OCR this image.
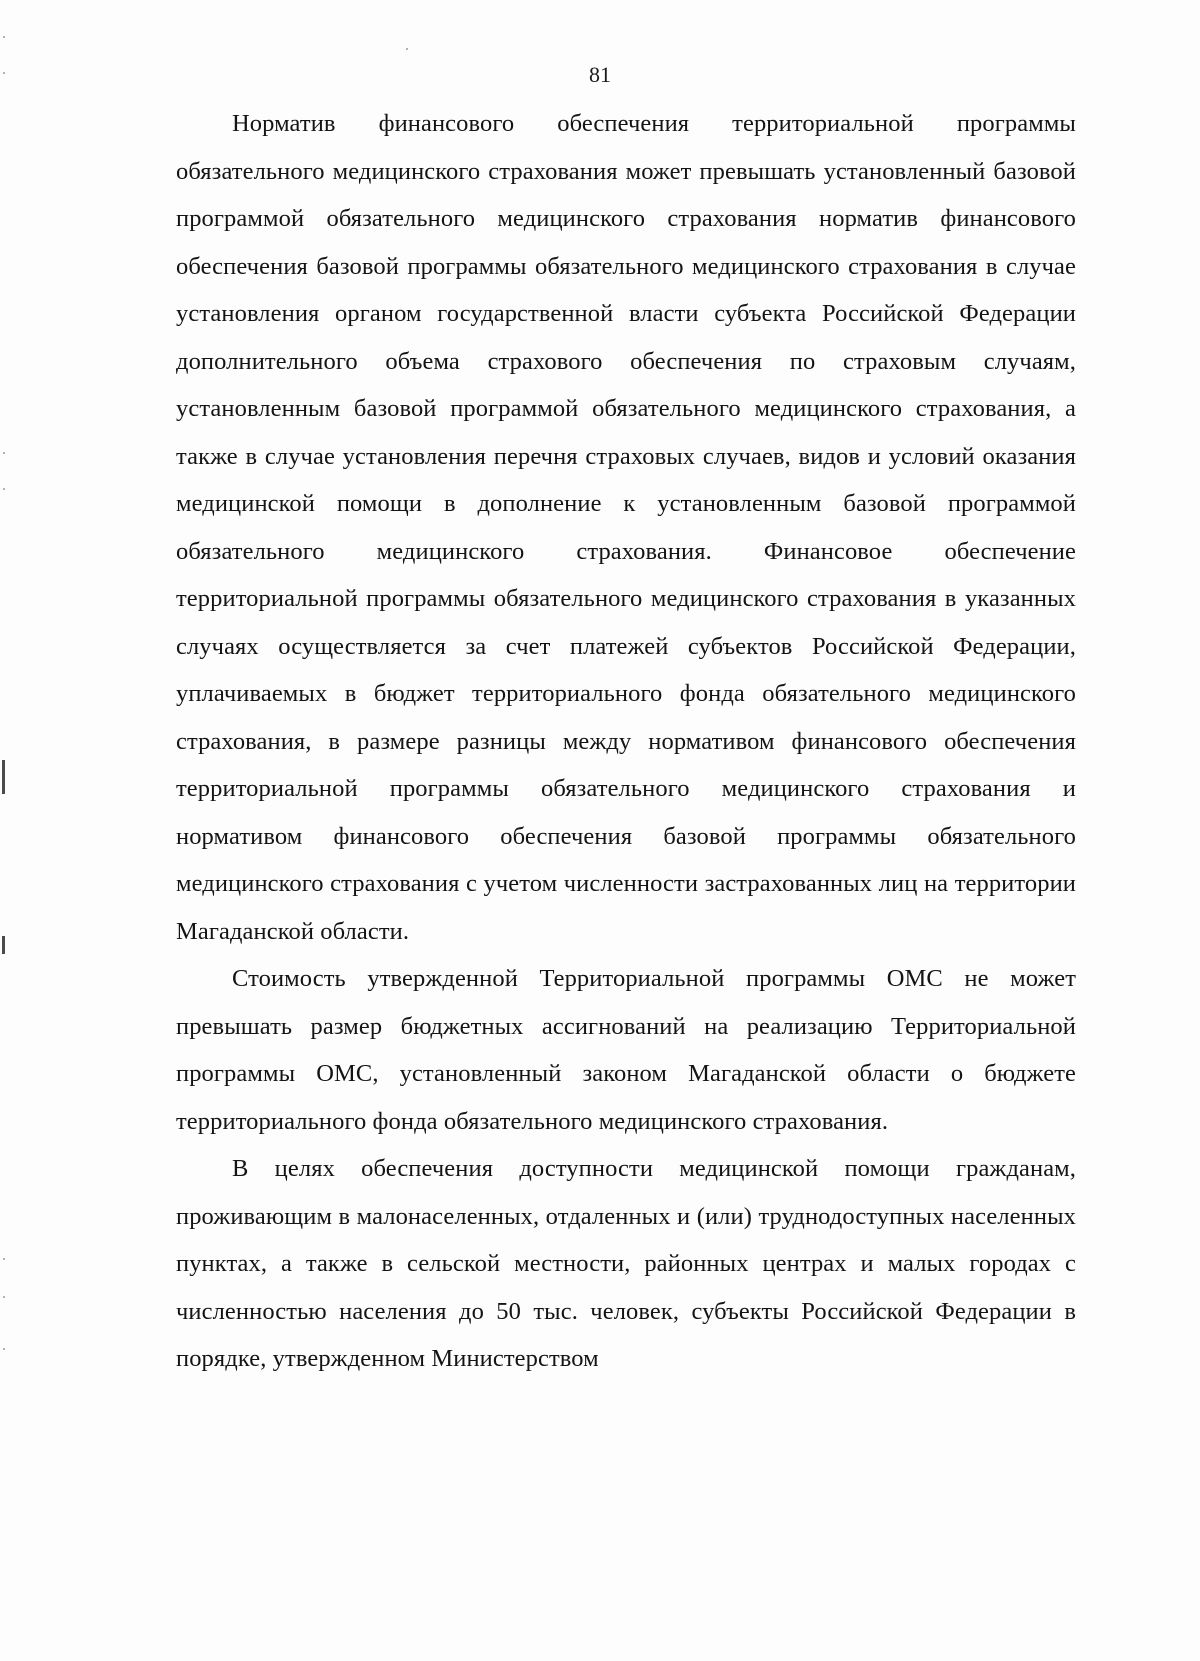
81

Норматив финансового обеспечения территориальной программы обязательного медицинского страхования может превышать установленный базовой программой обязательного медицинского страхования норматив финансового обеспечения базовой программы обязательного медицинского страхования в случае установления органом государственной власти субъекта Российской Федерации дополнительного объема страхового обеспечения по страховым случаям, установленным базовой программой обязательного медицинского страхования, а также в случае установления перечня страховых случаев, видов и условий оказания медицинской помощи в дополнение к установленным базовой программой обязательного медицинского страхования. Финансовое обеспечение территориальной программы обязательного медицинского страхования в указанных случаях осуществляется за счет платежей субъектов Российской Федерации, уплачиваемых в бюджет территориального фонда обязательного медицинского страхования, в размере разницы между нормативом финансового обеспечения территориальной программы обязательного медицинского страхования и нормативом финансового обеспечения базовой программы обязательного медицинского страхования с учетом численности застрахованных лиц на территории Магаданской области.

Стоимость утвержденной Территориальной программы ОМС не может превышать размер бюджетных ассигнований на реализацию Территориальной программы ОМС, установленный законом Магаданской области о бюджете территориального фонда обязательного медицинского страхования.

В целях обеспечения доступности медицинской помощи гражданам, проживающим в малонаселенных, отдаленных и (или) труднодоступных населенных пунктах, а также в сельской местности, районных центрах и малых городах с численностью населения до 50 тыс. человек, субъекты Российской Федерации в порядке, утвержденном Министерством
